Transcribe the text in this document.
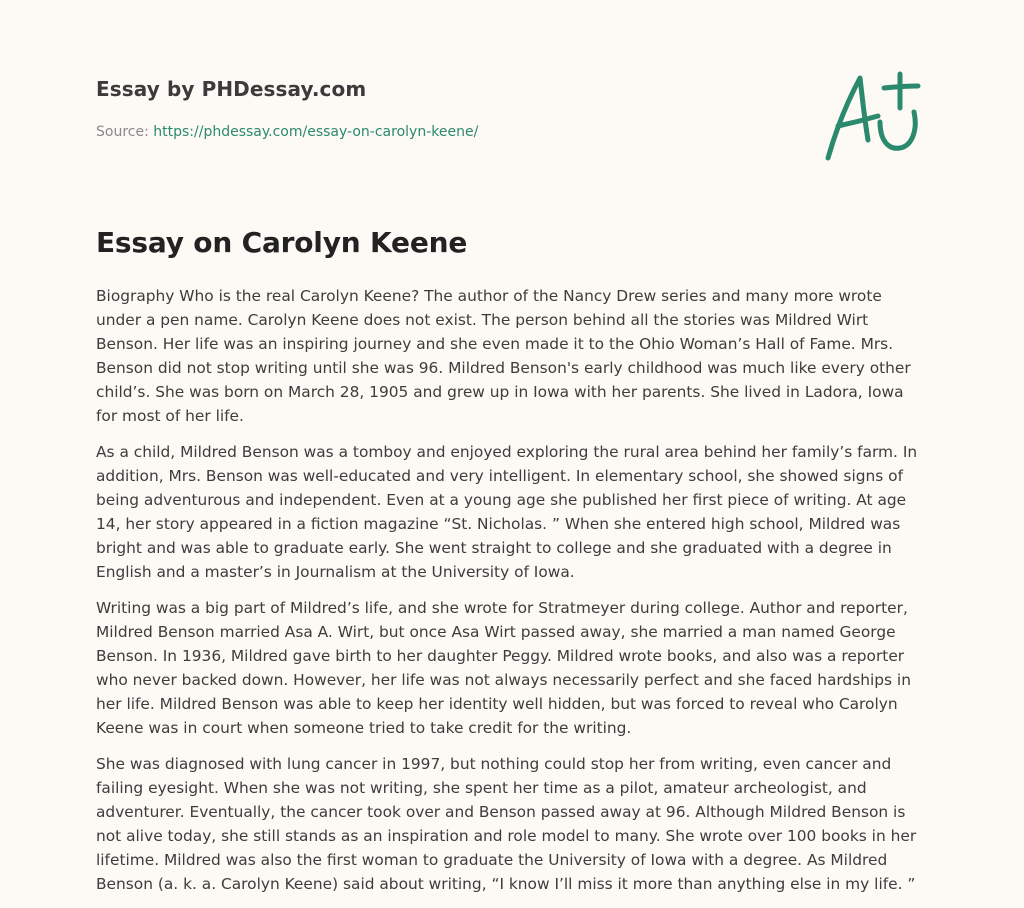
Essay by PHDessay.com

Source: https://phdessay.com/essay-on-carolyn-keene/

Essay on Carolyn Keene

Biography Who is the real Carolyn Keene? The author of the Nancy Drew series and many more wrote under a pen name. Carolyn Keene does not exist. The person behind all the stories was Mildred Wirt Benson. Her life was an inspiring journey and she even made it to the Ohio Woman’s Hall of Fame. Mrs. Benson did not stop writing until she was 96. Mildred Benson's early childhood was much like every other child’s. She was born on March 28, 1905 and grew up in Iowa with her parents. She lived in Ladora, Iowa for most of her life.

As a child, Mildred Benson was a tomboy and enjoyed exploring the rural area behind her family’s farm. In addition, Mrs. Benson was well-educated and very intelligent. In elementary school, she showed signs of being adventurous and independent. Even at a young age she published her first piece of writing. At age 14, her story appeared in a fiction magazine “St. Nicholas. ” When she entered high school, Mildred was bright and was able to graduate early. She went straight to college and she graduated with a degree in English and a master’s in Journalism at the University of Iowa.

Writing was a big part of Mildred’s life, and she wrote for Stratmeyer during college. Author and reporter, Mildred Benson married Asa A. Wirt, but once Asa Wirt passed away, she married a man named George Benson. In 1936, Mildred gave birth to her daughter Peggy. Mildred wrote books, and also was a reporter who never backed down. However, her life was not always necessarily perfect and she faced hardships in her life. Mildred Benson was able to keep her identity well hidden, but was forced to reveal who Carolyn Keene was in court when someone tried to take credit for the writing.

She was diagnosed with lung cancer in 1997, but nothing could stop her from writing, even cancer and failing eyesight. When she was not writing, she spent her time as a pilot, amateur archeologist, and adventurer. Eventually, the cancer took over and Benson passed away at 96. Although Mildred Benson is not alive today, she still stands as an inspiration and role model to many. She wrote over 100 books in her lifetime. Mildred was also the first woman to graduate the University of Iowa with a degree. As Mildred Benson (a. k. a. Carolyn Keene) said about writing, “I know I’ll miss it more than anything else in my life. ”
